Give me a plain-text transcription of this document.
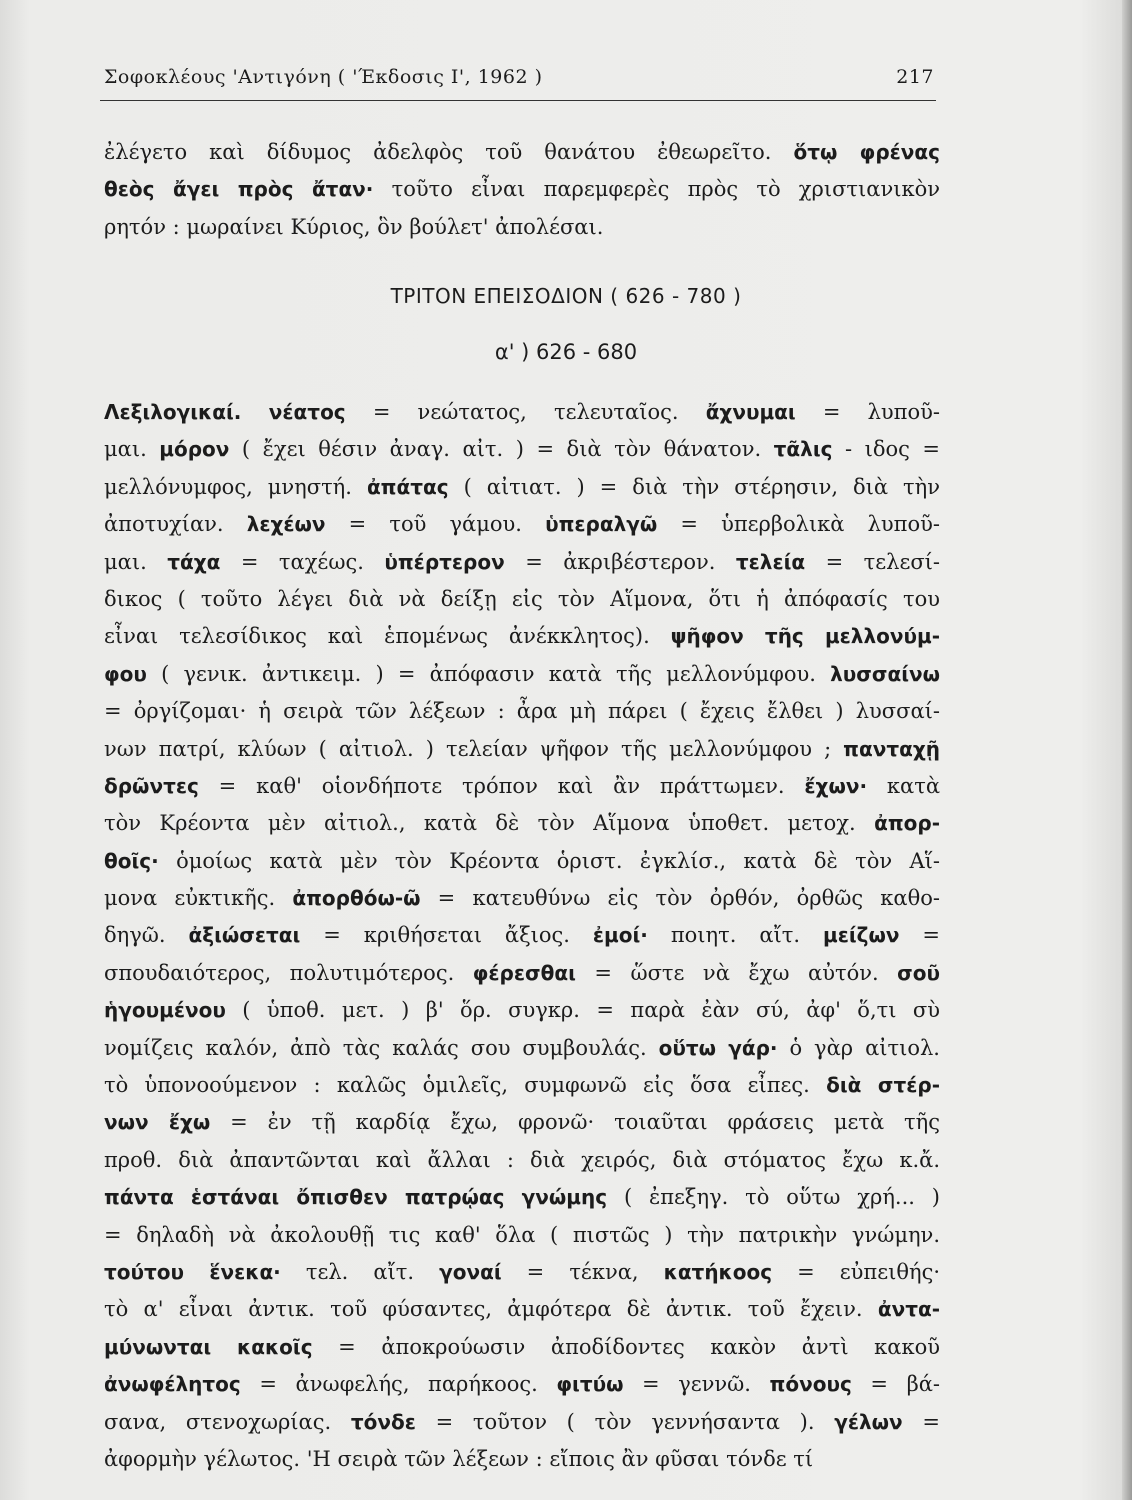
Σοφοκλέους 'Αντιγόνη ( 'Έκδοσις Ι', 1962 )	217
ἐλέγετο καὶ δίδυμος ἀδελφὸς τοῦ θανάτου ἐθεωρεῖτο. ὅτῳ φρένας
θεὸς ἄγει πρὸς ἄταν· τοῦτο εἶναι παρεμφερὲς πρὸς τὸ χριστιανικὸν
ρητόν : μωραίνει Κύριος, ὃν βούλετ' ἀπολέσαι.
ΤΡΙΤΟΝ ΕΠΕΙΣΟΔΙΟΝ ( 626 - 780 )
α' ) 626 - 680
Λεξιλογικαί. νέατος = νεώτατος, τελευταῖος. ἄχνυμαι = λυποῦ-
μαι. μόρον ( ἔχει θέσιν ἀναγ. αἰτ. ) = διὰ τὸν θάνατον. τᾶλις - ιδος =
μελλόνυμφος, μνηστή. ἀπάτας ( αἰτιατ. ) = διὰ τὴν στέρησιν, διὰ τὴν
ἀποτυχίαν. λεχέων = τοῦ γάμου. ὑπεραλγῶ = ὑπερβολικὰ λυποῦ-
μαι. τάχα = ταχέως. ὑπέρτερον = ἀκριβέστερον. τελεία = τελεσί-
δικος ( τοῦτο λέγει διὰ νὰ δείξῃ εἰς τὸν Αἵμονα, ὅτι ἡ ἀπόφασίς του
εἶναι τελεσίδικος καὶ ἑπομένως ἀνέκκλητος). ψῆφον τῆς μελλονύμ-
φου ( γενικ. ἀντικειμ. ) = ἀπόφασιν κατὰ τῆς μελλονύμφου. λυσσαίνω
= ὀργίζομαι· ἡ σειρὰ τῶν λέξεων : ἆρα μὴ πάρει ( ἔχεις ἔλθει ) λυσσαί-
νων πατρί, κλύων ( αἰτιολ. ) τελείαν ψῆφον τῆς μελλονύμφου ; πανταχῇ
δρῶντες = καθ' οἱονδήποτε τρόπον καὶ ἂν πράττωμεν. ἔχων· κατὰ
τὸν Κρέοντα μὲν αἰτιολ., κατὰ δὲ τὸν Αἵμονα ὑποθετ. μετοχ. ἀπορ-
θοῖς· ὁμοίως κατὰ μὲν τὸν Κρέοντα ὁριστ. ἐγκλίσ., κατὰ δὲ τὸν Αἵ-
μονα εὐκτικῆς. ἀπορθόω-ῶ = κατευθύνω εἰς τὸν ὀρθόν, ὀρθῶς καθο-
δηγῶ. ἀξιώσεται = κριθήσεται ἄξιος. ἐμοί· ποιητ. αἴτ. μείζων =
σπουδαιότερος, πολυτιμότερος. φέρεσθαι = ὥστε νὰ ἔχω αὐτόν. σοῦ
ἡγουμένου ( ὑποθ. μετ. ) β' ὅρ. συγκρ. = παρὰ ἐὰν σύ, ἀφ' ὅ,τι σὺ
νομίζεις καλόν, ἀπὸ τὰς καλάς σου συμβουλάς. οὕτω γάρ· ὁ γὰρ αἰτιολ.
τὸ ὑπονοούμενον : καλῶς ὁμιλεῖς, συμφωνῶ εἰς ὅσα εἶπες. διὰ στέρ-
νων ἔχω = ἐν τῇ καρδίᾳ ἔχω, φρονῶ· τοιαῦται φράσεις μετὰ τῆς
προθ. διὰ ἀπαντῶνται καὶ ἄλλαι : διὰ χειρός, διὰ στόματος ἔχω κ.ἄ.
πάντα ἑστάναι ὄπισθεν πατρῴας γνώμης ( ἐπεξηγ. τὸ οὕτω χρή... )
= δηλαδὴ νὰ ἀκολουθῇ τις καθ' ὅλα ( πιστῶς ) τὴν πατρικὴν γνώμην.
τούτου ἕνεκα· τελ. αἴτ. γοναί = τέκνα, κατήκοος = εὐπειθής·
τὸ α' εἶναι ἀντικ. τοῦ φύσαντες, ἀμφότερα δὲ ἀντικ. τοῦ ἔχειν. ἀντα-
μύνωνται κακοῖς = ἀποκρούωσιν ἀποδίδοντες κακὸν ἀντὶ κακοῦ
ἀνωφέλητος = ἀνωφελής, παρήκοος. φιτύω = γεννῶ. πόνους = βά-
σανα, στενοχωρίας. τόνδε = τοῦτον ( τὸν γεννήσαντα ). γέλων =
ἀφορμὴν γέλωτος. 'Η σειρὰ τῶν λέξεων : εἴποις ἂν φῦσαι τόνδε τί
